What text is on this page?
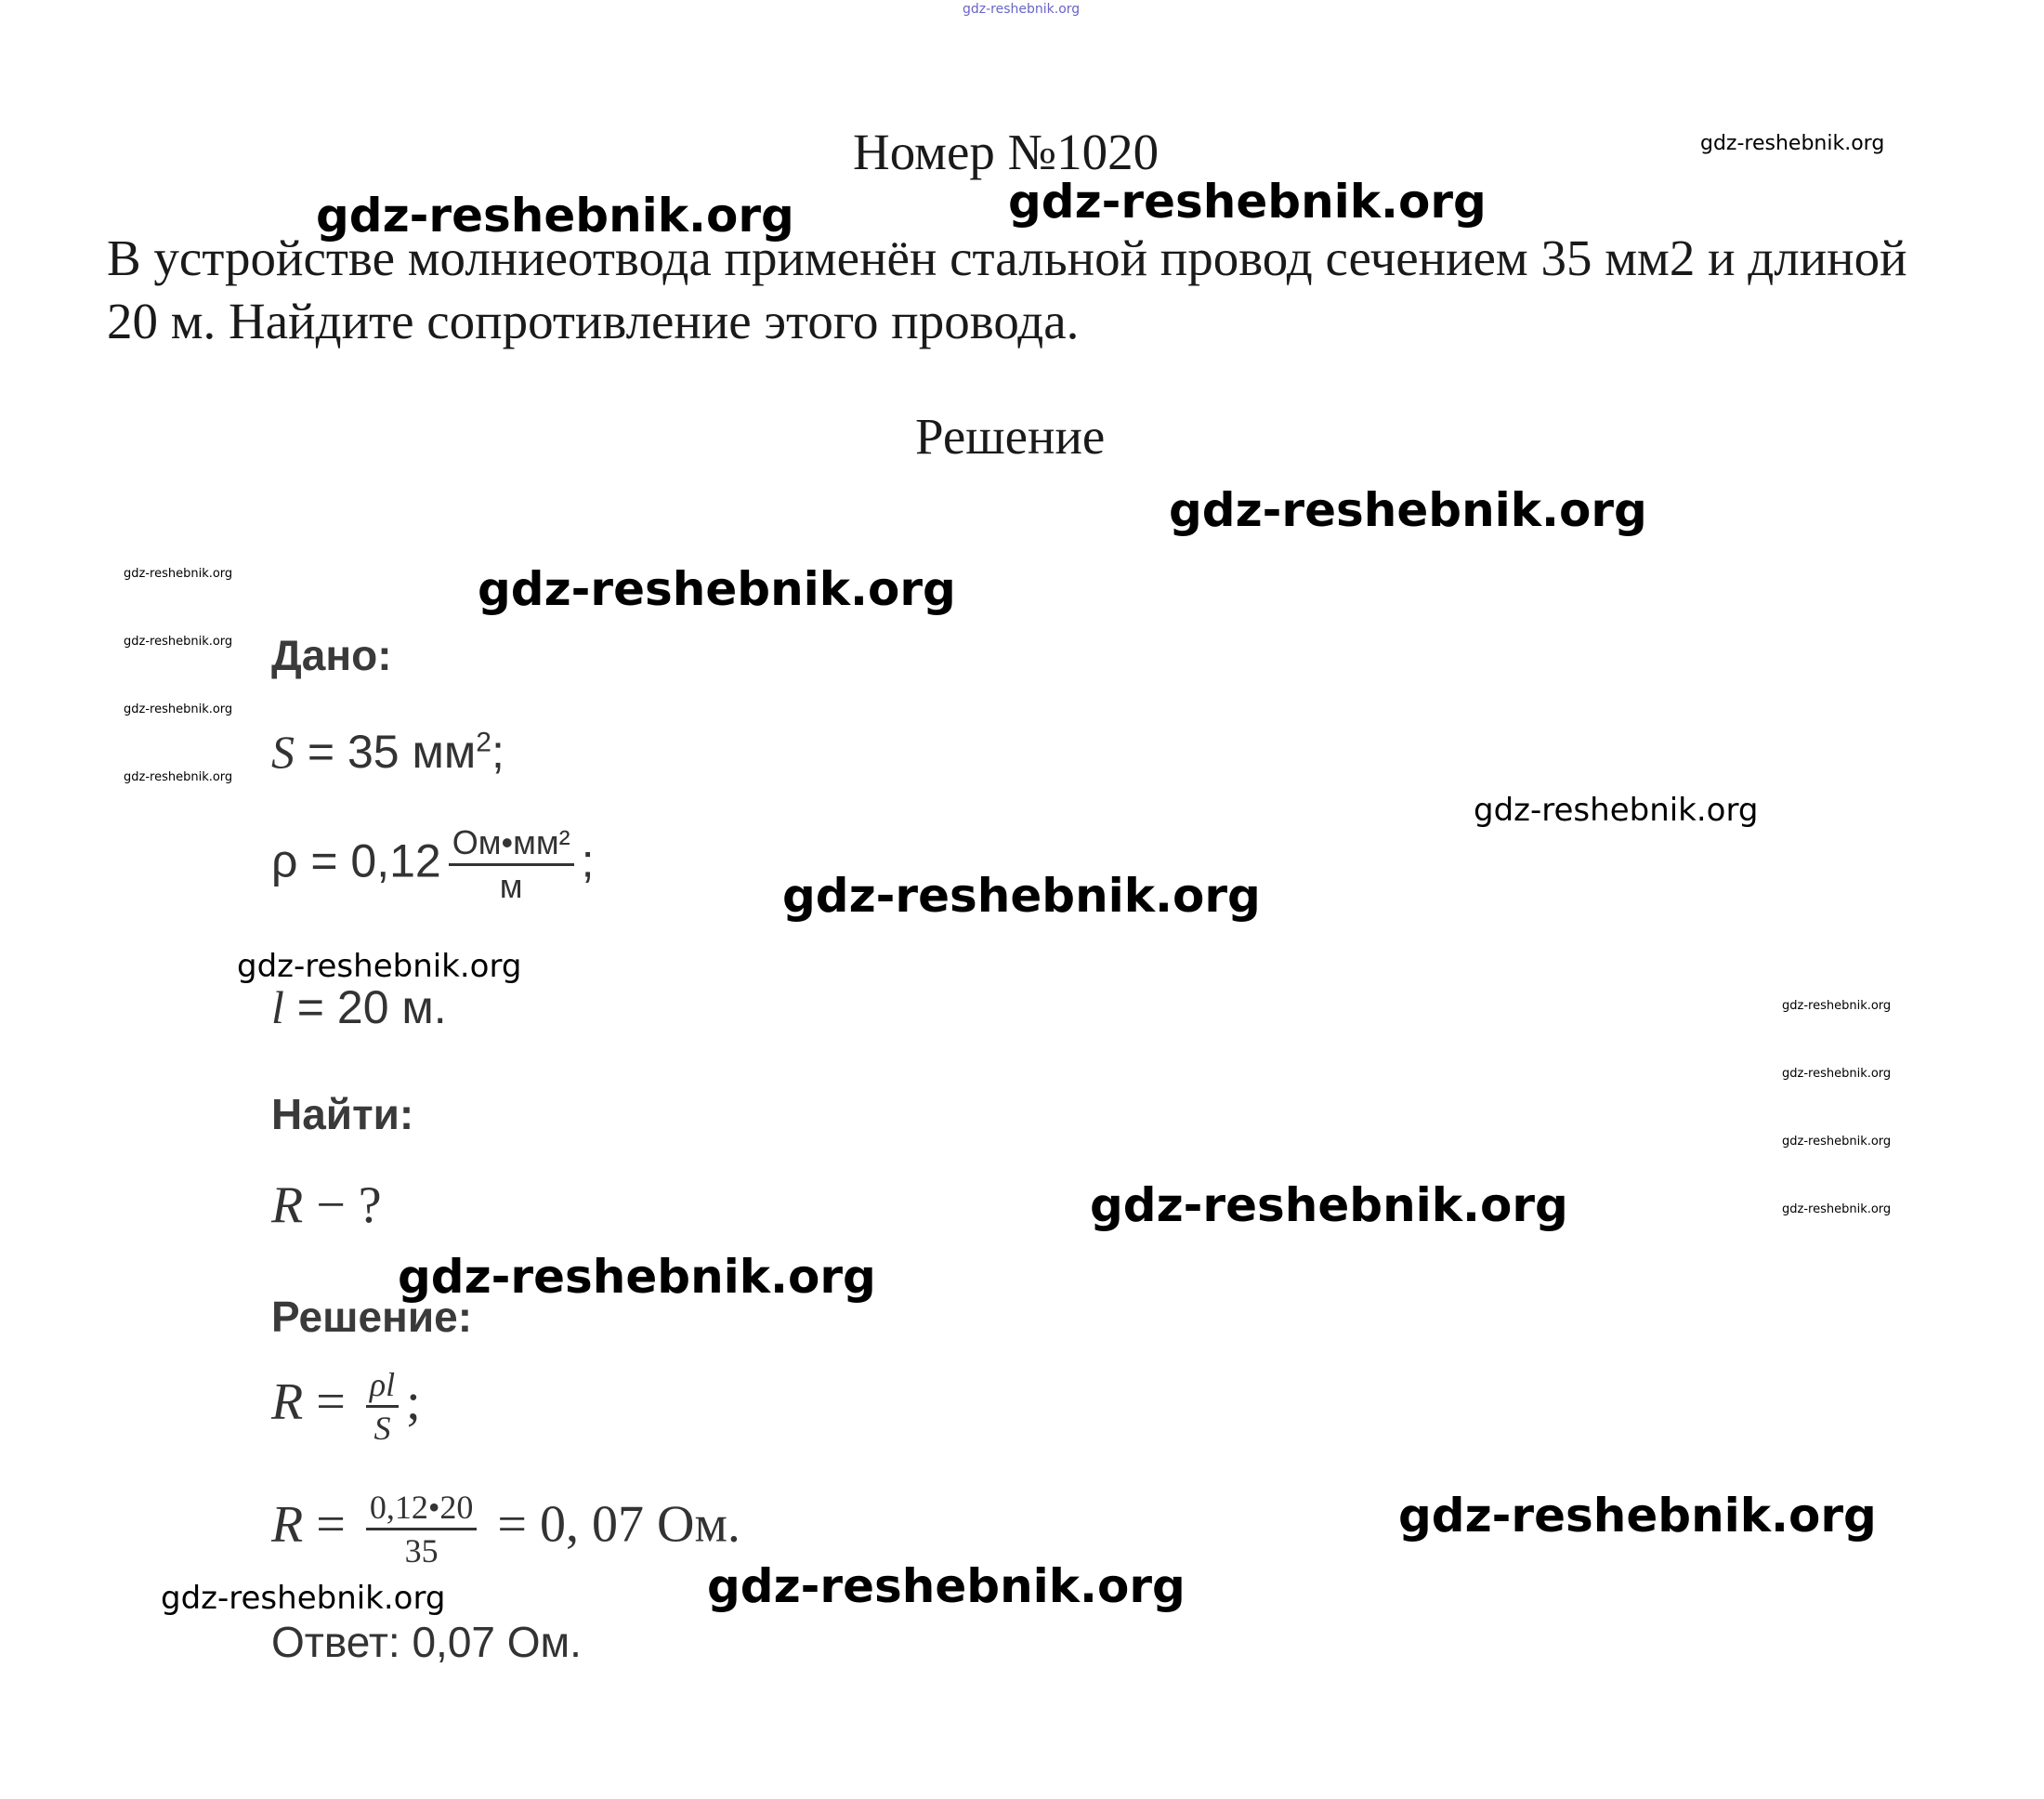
gdz-reshebnik.org
Номер №1020
В устройстве молниеотвода применён стальной провод сечением 35 мм2 и длиной 20 м. Найдите сопротивление этого провода.
Решение
Дано:
S = 35 $мм^2$;
$\rho = 0,12 \frac{\text{Ом•мм²}}{м}$ ;
l = 20 м.
Найти:
R − ?
Решение:
$R = \frac{\rho l}{S}$ ;
$R = \frac{0,12•20}{35} = 0$, 07 Ом.
Ответ: 0,07 Ом.
gdz-reshebnik.org
gdz-reshebnik.org	gdz-reshebnik.org
gdz-reshebnik.org
gdz-reshebnik.org
gdz-reshebnik.org
gdz-reshebnik.org
gdz-reshebnik.org
gdz-reshebnik.org
gdz-reshebnik.org
gdz-reshebnik.org
gdz-reshebnik.org
gdz-reshebnik.org
gdz-reshebnik.org
gdz-reshebnik.org
gdz-reshebnik.org
gdz-reshebnik.org
gdz-reshebnik.org
gdz-reshebnik.org
gdz-reshebnik.org
gdz-reshebnik.org
